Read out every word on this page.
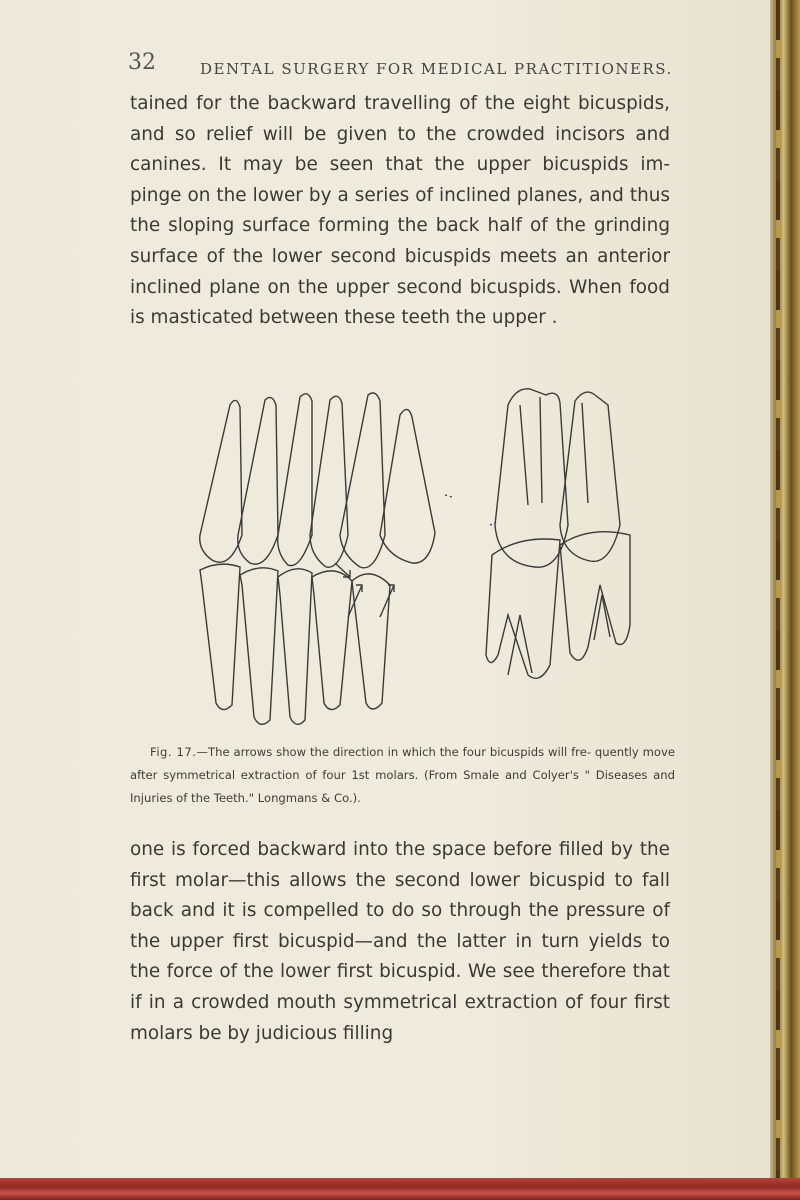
32	DENTAL SURGERY FOR MEDICAL PRACTITIONERS.

tained for the backward travelling of the eight bicuspids, and so relief will be given to the crowded incisors and canines. It may be seen that the upper bicuspids im- pinge on the lower by a series of inclined planes, and thus the sloping surface forming the back half of the grinding surface of the lower second bicuspids meets an anterior inclined plane on the upper second bicuspids. When food is masticated between these teeth the upper .

Fig. 17.—The arrows show the direction in which the four bicuspids will fre- quently move after symmetrical extraction of four 1st molars. (From Smale and Colyer's " Diseases and Injuries of the Teeth." Longmans & Co.).

one is forced backward into the space before filled by the first molar—this allows the second lower bicuspid to fall back and it is compelled to do so through the pressure of the upper first bicuspid—and the latter in turn yields to the force of the lower first bicuspid. We see therefore that if in a crowded mouth symmetrical extraction of four first molars be by judicious filling
